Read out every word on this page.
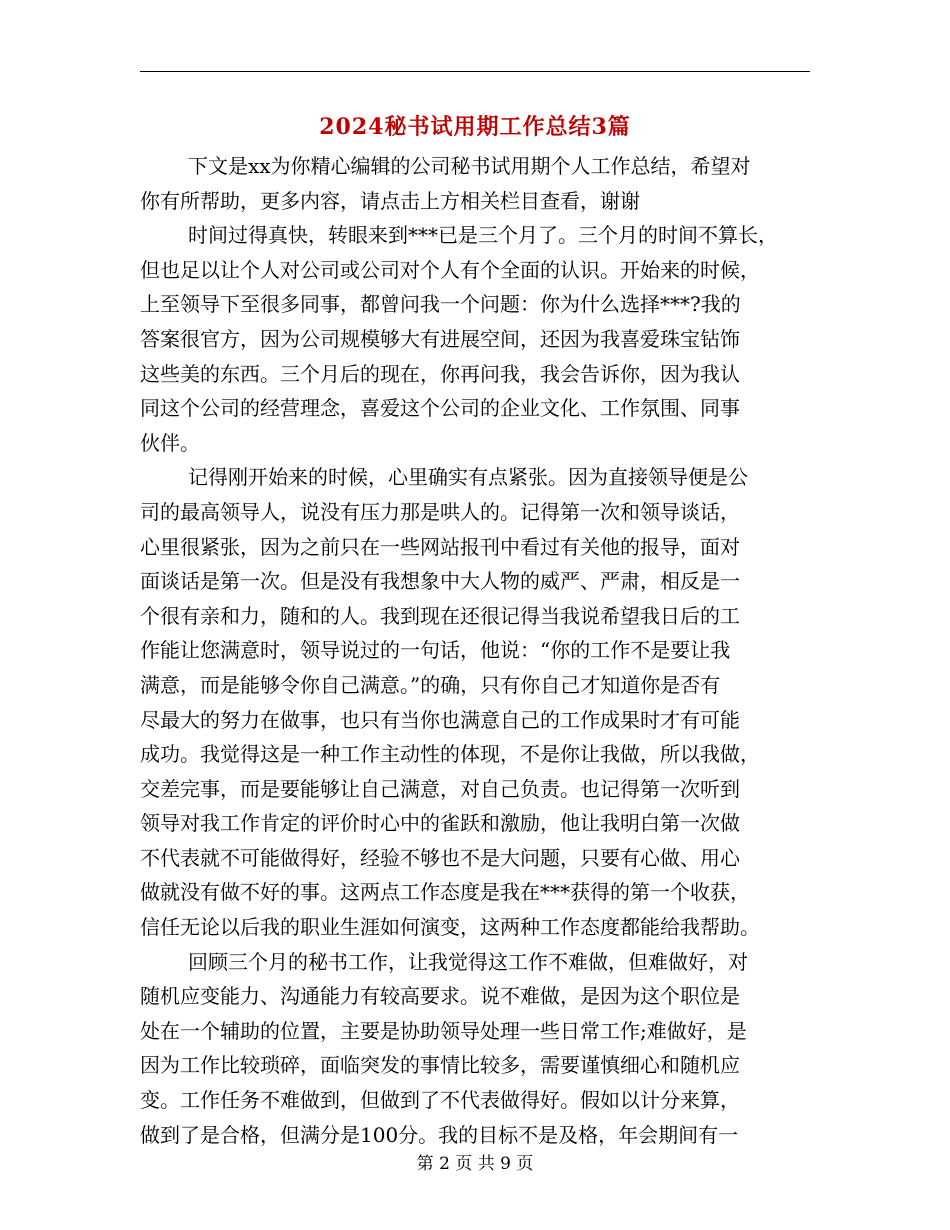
2024秘书试用期工作总结3篇
下文是xx为你精心编辑的公司秘书试用期个人工作总结，希望对
你有所帮助，更多内容，请点击上方相关栏目查看，谢谢
时间过得真快，转眼来到***已是三个月了。三个月的时间不算长，
但也足以让个人对公司或公司对个人有个全面的认识。开始来的时候，
上至领导下至很多同事，都曾问我一个问题：你为什么选择***?我的
答案很官方，因为公司规模够大有进展空间，还因为我喜爱珠宝钻饰
这些美的东西。三个月后的现在，你再问我，我会告诉你，因为我认
同这个公司的经营理念，喜爱这个公司的企业文化、工作氛围、同事
伙伴。
记得刚开始来的时候，心里确实有点紧张。因为直接领导便是公
司的最高领导人，说没有压力那是哄人的。记得第一次和领导谈话，
心里很紧张，因为之前只在一些网站报刊中看过有关他的报导，面对
面谈话是第一次。但是没有我想象中大人物的威严、严肃，相反是一
个很有亲和力，随和的人。我到现在还很记得当我说希望我日后的工
作能让您满意时，领导说过的一句话，他说：“你的工作不是要让我
满意，而是能够令你自己满意。”的确，只有你自己才知道你是否有
尽最大的努力在做事，也只有当你也满意自己的工作成果时才有可能
成功。我觉得这是一种工作主动性的体现，不是你让我做，所以我做，
交差完事，而是要能够让自己满意，对自己负责。也记得第一次听到
领导对我工作肯定的评价时心中的雀跃和激励，他让我明白第一次做
不代表就不可能做得好，经验不够也不是大问题，只要有心做、用心
做就没有做不好的事。这两点工作态度是我在***获得的第一个收获，
信任无论以后我的职业生涯如何演变，这两种工作态度都能给我帮助。
回顾三个月的秘书工作，让我觉得这工作不难做，但难做好，对
随机应变能力、沟通能力有较高要求。说不难做，是因为这个职位是
处在一个辅助的位置，主要是协助领导处理一些日常工作;难做好，是
因为工作比较琐碎，面临突发的事情比较多，需要谨慎细心和随机应
变。工作任务不难做到，但做到了不代表做得好。假如以计分来算，
做到了是合格，但满分是100分。我的目标不是及格，年会期间有一
第 2 页 共 9 页
